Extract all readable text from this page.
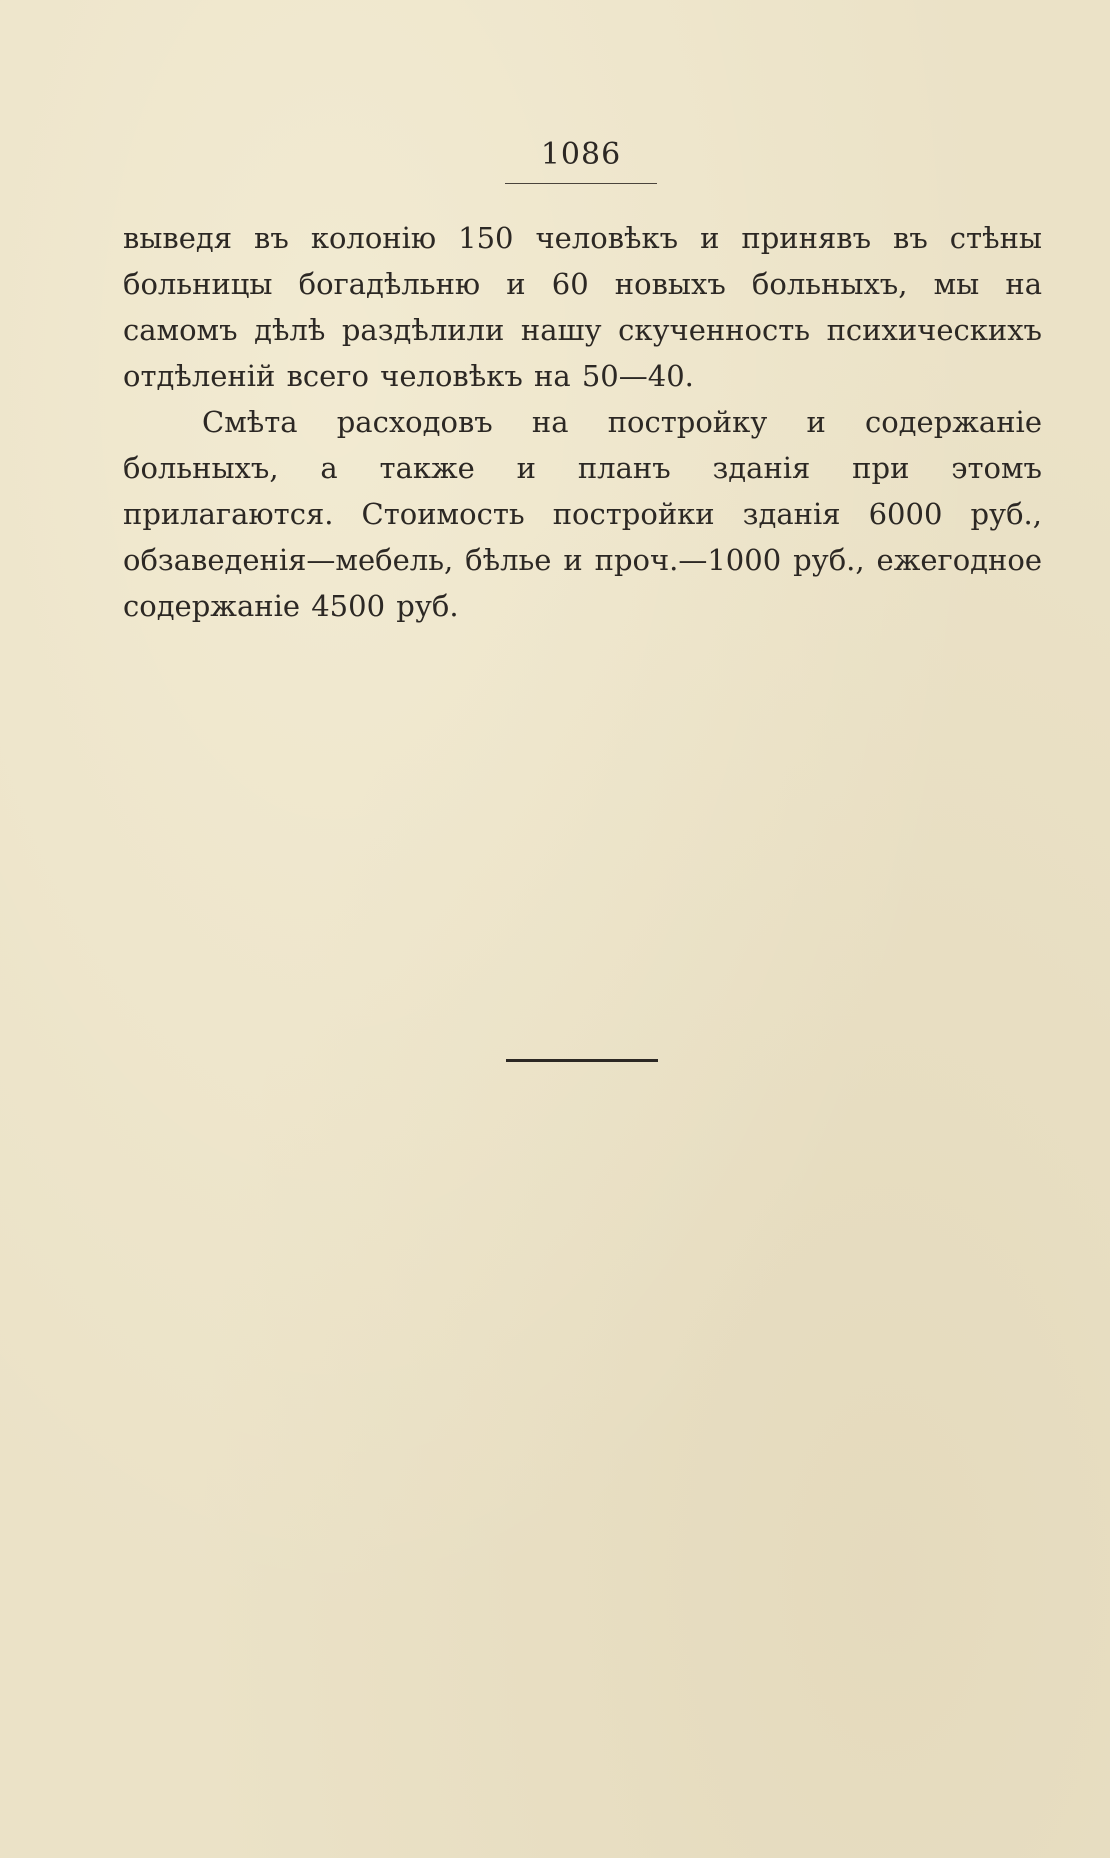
1086

выведя въ колонію 150 человѣкъ и принявъ въ стѣны больницы богадѣльню и 60 новыхъ больныхъ, мы на самомъ дѣлѣ раздѣлили нашу скученность психическихъ отдѣленій всего человѣкъ на 50—40.

Смѣта расходовъ на постройку и содержаніе больныхъ, а также и планъ зданія при этомъ прилагаются. Стоимость постройки зданія 6000 руб., обзаведенія—мебель, бѣлье и проч.—1000 руб., ежегодное содержаніе 4500 руб.
